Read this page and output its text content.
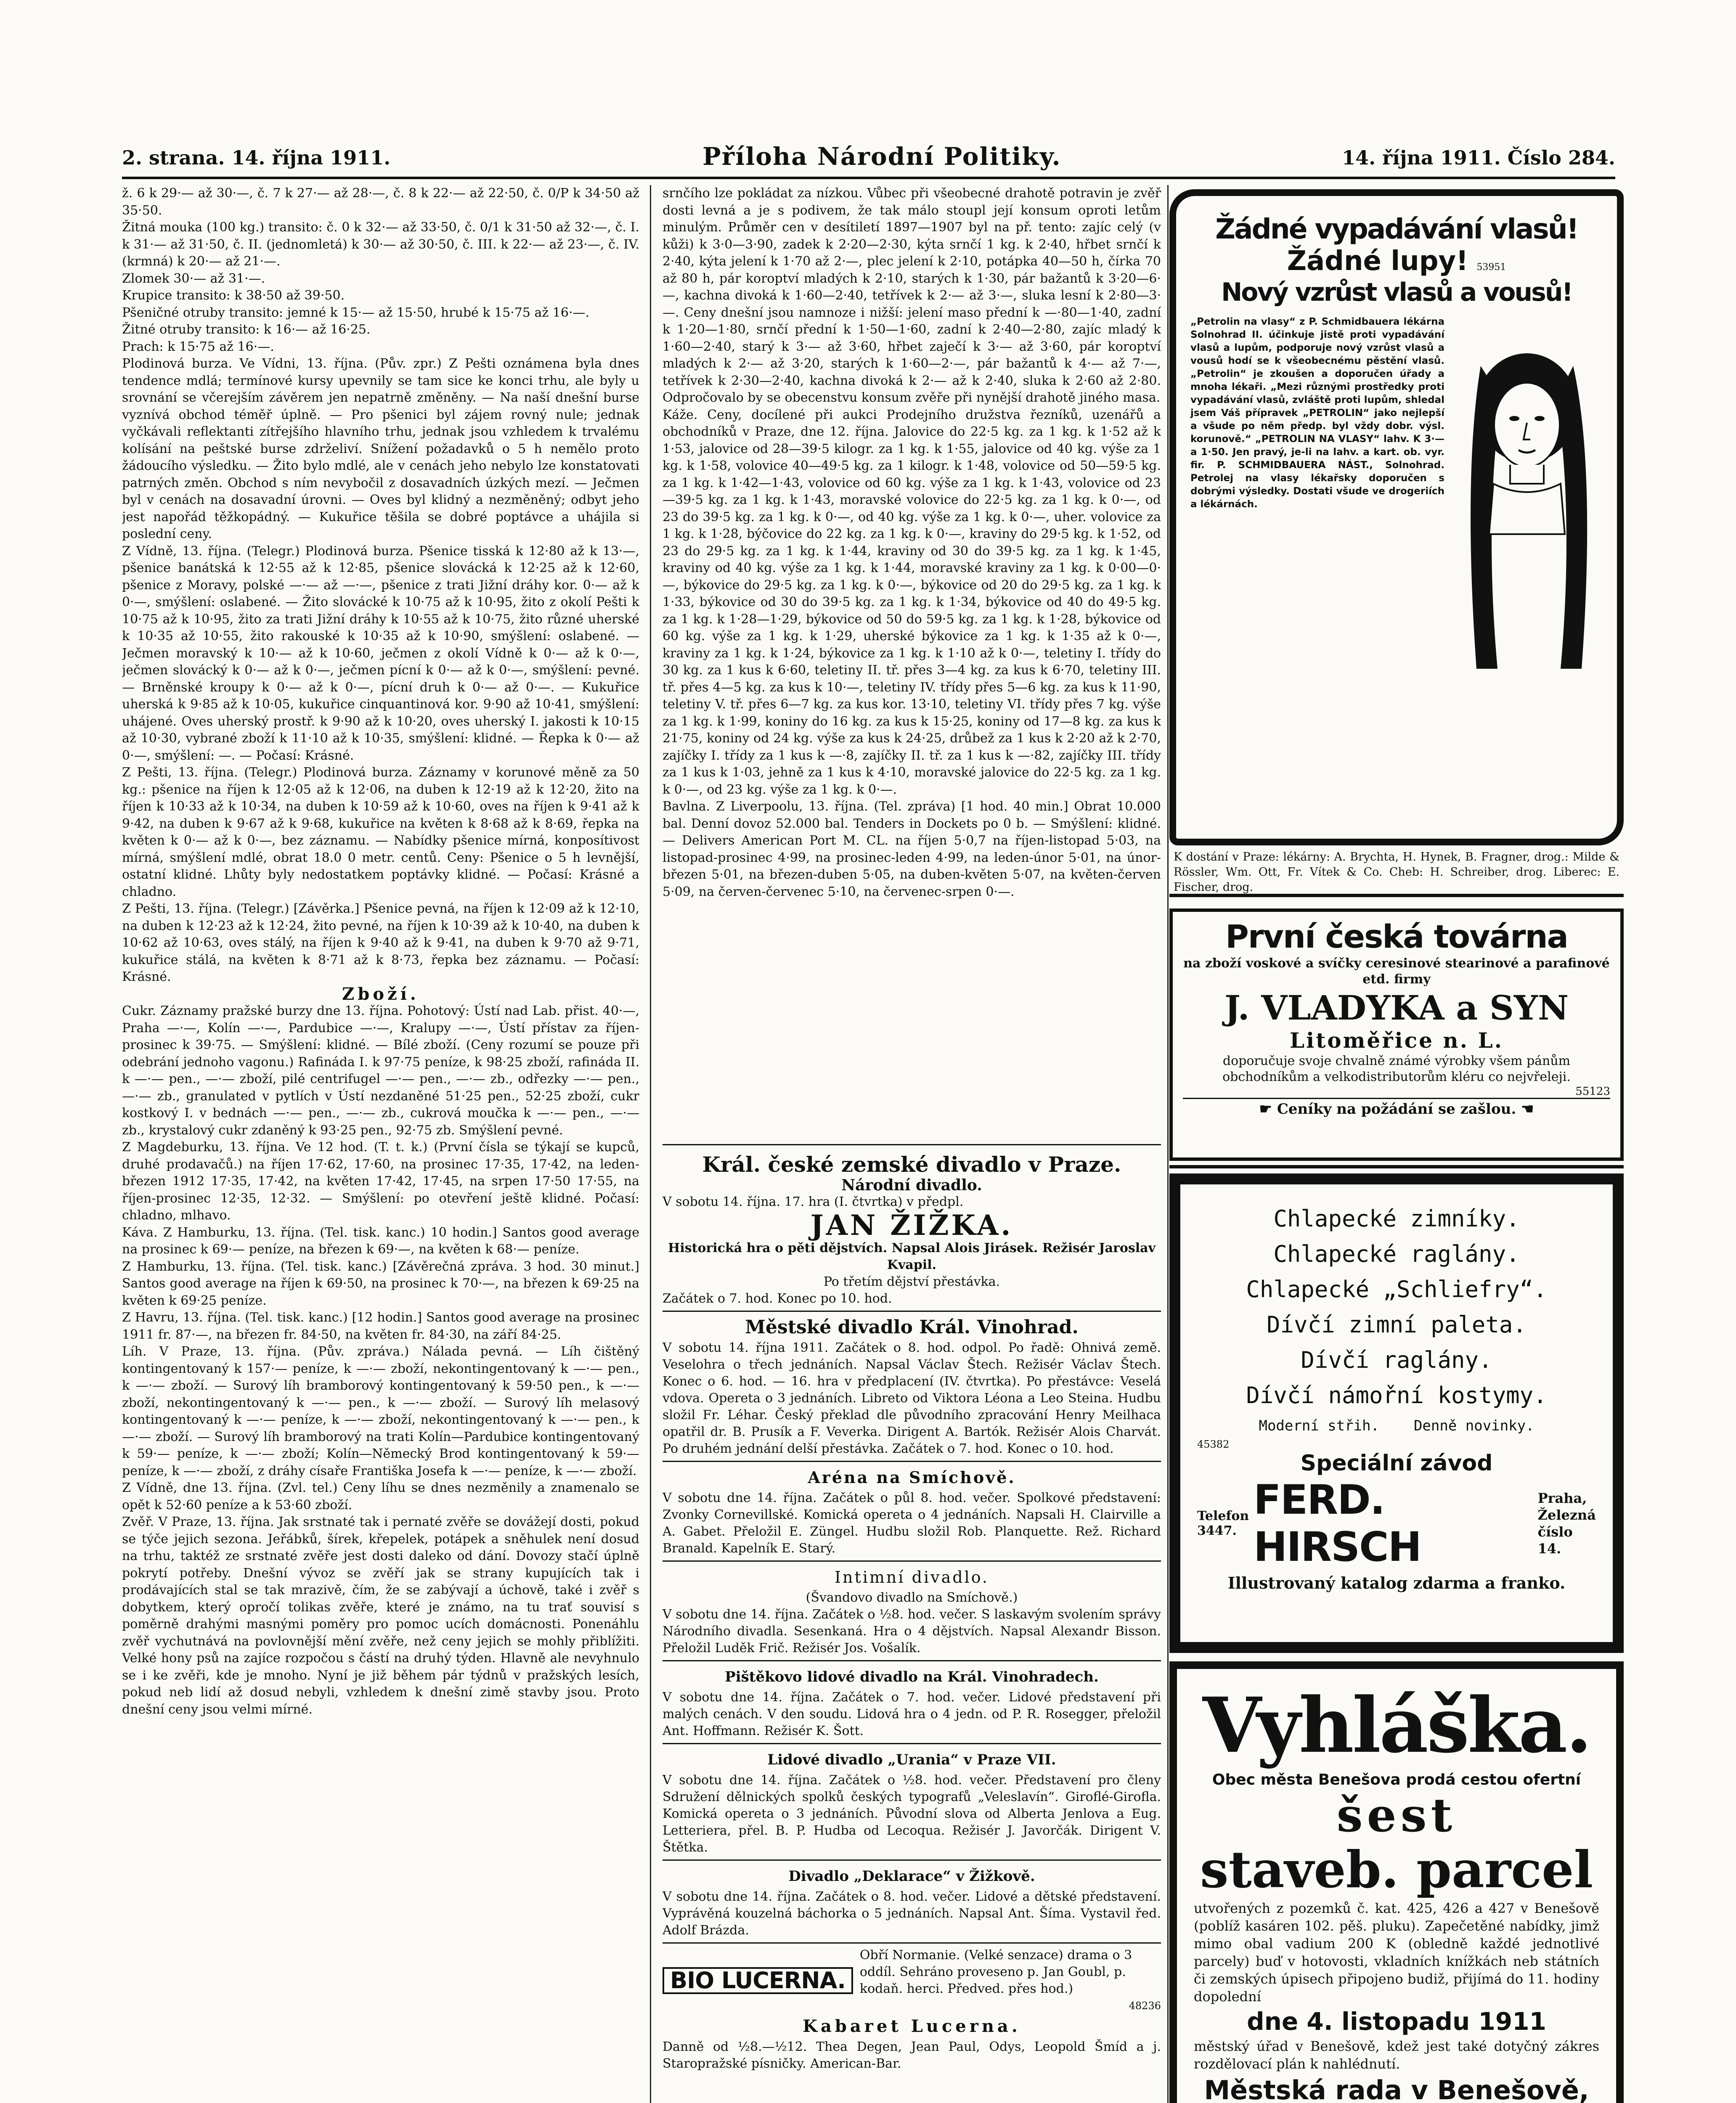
2. strana. 14. října 1911.	Příloha Národní Politiky.	14. října 1911. Číslo 284.

ž. 6 k 29·— až 30·—, č. 7 k 27·— až 28·—, č. 8 k 22·— až 22·50, č. 0/P k 34·50 až 35·50.

Žitná mouka (100 kg.) transito: č. 0 k 32·— až 33·50, č. 0/1 k 31·50 až 32·—, č. I. k 31·— až 31·50, č. II. (jednomletá) k 30·— až 30·50, č. III. k 22·— až 23·—, č. IV. (krmná) k 20·— až 21·—.

Zlomek 30·— až 31·—.

Krupice transito: k 38·50 až 39·50.

Pšeničné otruby transito: jemné k 15·— až 15·50, hrubé k 15·75 až 16·—.

Žitné otruby transito: k 16·— až 16·25.

Prach: k 15·75 až 16·—.

Plodinová burza. Ve Vídni, 13. října. (Pův. zpr.) Z Pešti oznámena byla dnes tendence mdlá; termínové kursy upevnily se tam sice ke konci trhu, ale byly u srovnání se včerejším závěrem jen nepatrně změněny. — Na naší dnešní burse vyznívá obchod téměř úplně. — Pro pšenici byl zájem rovný nule; jednak vyčkávali reflektanti zítřejšího hlavního trhu, jednak jsou vzhledem k trvalému kolísání na peštské burse zdrželiví. Snížení požadavků o 5 h nemělo proto žádoucího výsledku. — Žito bylo mdlé, ale v cenách jeho nebylo lze konstatovati patrných změn. Obchod s ním nevybočil z dosavadních úzkých mezí. — Ječmen byl v cenách na dosavadní úrovni. — Oves byl klidný a nezměněný; odbyt jeho jest napořád těžkopádný. — Kukuřice těšila se dobré poptávce a uhájila si poslední ceny.

Z Vídně, 13. října. (Telegr.) Plodinová burza. Pšenice tisská k 12·80 až k 13·—, pšenice banátská k 12·55 až k 12·85, pšenice slovácká k 12·25 až k 12·60, pšenice z Moravy, polské —·— až —·—, pšenice z trati Jižní dráhy kor. 0·— až k 0·—, smýšlení: oslabené. — Žito slovácké k 10·75 až k 10·95, žito z okolí Pešti k 10·75 až k 10·95, žito za trati Jižní dráhy k 10·55 až k 10·75, žito různé uherské k 10·35 až 10·55, žito rakouské k 10·35 až k 10·90, smýšlení: oslabené. — Ječmen moravský k 10·— až k 10·60, ječmen z okolí Vídně k 0·— až k 0·—, ječmen slovácký k 0·— až k 0·—, ječmen pícní k 0·— až k 0·—, smýšlení: pevné. — Brněnské kroupy k 0·— až k 0·—, pícní druh k 0·— až 0·—. — Kukuřice uherská k 9·85 až k 10·05, kukuřice cinquantinová kor. 9·90 až 10·41, smýšlení: uhájené. Oves uherský prostř. k 9·90 až k 10·20, oves uherský I. jakosti k 10·15 až 10·30, vybrané zboží k 11·10 až k 10·35, smýšlení: klidné. — Řepka k 0·— až 0·—, smýšlení: —. — Počasí: Krásné.

Z Pešti, 13. října. (Telegr.) Plodinová burza. Záznamy v korunové měně za 50 kg.: pšenice na říjen k 12·05 až k 12·06, na duben k 12·19 až k 12·20, žito na říjen k 10·33 až k 10·34, na duben k 10·59 až k 10·60, oves na říjen k 9·41 až k 9·42, na duben k 9·67 až k 9·68, kukuřice na květen k 8·68 až k 8·69, řepka na květen k 0·— až k 0·—, bez záznamu. — Nabídky pšenice mírná, konposítivost mírná, smýšlení mdlé, obrat 18.0 0 metr. centů. Ceny: Pšenice o 5 h levnější, ostatní klidné. Lhůty byly nedostatkem poptávky klidné. — Počasí: Krásné a chladno.

Z Pešti, 13. října. (Telegr.) [Závěrka.] Pšenice pevná, na říjen k 12·09 až k 12·10, na duben k 12·23 až k 12·24, žito pevné, na říjen k 10·39 až k 10·40, na duben k 10·62 až 10·63, oves stálý, na říjen k 9·40 až k 9·41, na duben k 9·70 až 9·71, kukuřice stálá, na květen k 8·71 až k 8·73, řepka bez záznamu. — Počasí: Krásné.

Zboží.

Cukr. Záznamy pražské burzy dne 13. října. Pohotový: Ústí nad Lab. přist. 40·—, Praha —·—, Kolín —·—, Pardubice —·—, Kralupy —·—, Ústí přístav za říjen-prosinec k 39·75. — Smýšlení: klidné. — Bílé zboží. (Ceny rozumí se pouze při odebrání jednoho vagonu.) Rafináda I. k 97·75 peníze, k 98·25 zboží, rafináda II. k —·— pen., —·— zboží, pilé centrifugel —·— pen., —·— zb., odřezky —·— pen., —·— zb., granulated v pytlích v Ústí nezdaněné 51·25 pen., 52·25 zboží, cukr kostkový I. v bednách —·— pen., —·— zb., cukrová moučka k —·— pen., —·— zb., krystalový cukr zdaněný k 93·25 pen., 92·75 zb. Smýšlení pevné.

Z Magdeburku, 13. října. Ve 12 hod. (T. t. k.) (První čísla se týkají se kupců, druhé prodavačů.) na říjen 17·62, 17·60, na prosinec 17·35, 17·42, na leden-březen 1912 17·35, 17·42, na květen 17·42, 17·45, na srpen 17·50 17·55, na říjen-prosinec 12·35, 12·32. — Smýšlení: po otevření ještě klidné. Počasí: chladno, mlhavo.

Káva. Z Hamburku, 13. října. (Tel. tisk. kanc.) 10 hodin.] Santos good average na prosinec k 69·— peníze, na březen k 69·—, na květen k 68·— peníze.

Z Hamburku, 13. října. (Tel. tisk. kanc.) [Závěrečná zpráva. 3 hod. 30 minut.] Santos good average na říjen k 69·50, na prosinec k 70·—, na březen k 69·25 na květen k 69·25 peníze.

Z Havru, 13. října. (Tel. tisk. kanc.) [12 hodin.] Santos good average na prosinec 1911 fr. 87·—, na březen fr. 84·50, na květen fr. 84·30, na září 84·25.

Líh. V Praze, 13. října. (Pův. zpráva.) Nálada pevná. — Líh čištěný kontingentovaný k 157·— peníze, k —·— zboží, nekontingentovaný k —·— pen., k —·— zboží. — Surový líh bramborový kontingentovaný k 59·50 pen., k —·— zboží, nekontingentovaný k —·— pen., k —·— zboží. — Surový líh melasový kontingentovaný k —·— peníze, k —·— zboží, nekontingentovaný k —·— pen., k —·— zboží. — Surový líh bramborový na trati Kolín—Pardubice kontingentovaný k 59·— peníze, k —·— zboží; Kolín—Německý Brod kontingentovaný k 59·— peníze, k —·— zboží, z dráhy císaře Františka Josefa k —·— peníze, k —·— zboží.

Z Vídně, dne 13. října. (Zvl. tel.) Ceny líhu se dnes nezměnily a znamenalo se opět k 52·60 peníze a k 53·60 zboží.

Zvěř. V Praze, 13. října. Jak srstnaté tak i pernaté zvěře se dovážejí dosti, pokud se týče jejich sezona. Jeřábků, šírek, křepelek, potápek a sněhulek není dosud na trhu, taktéž ze srstnaté zvěře jest dosti daleko od dání. Dovozy stačí úplně pokrytí potřeby. Dnešní vývoz se zvěří jak se strany kupujících tak i prodávajících stal se tak mrazivě, čím, že se zabývají a úchově, také i zvěř s dobytkem, který opročí tolikas zvěře, které je známo, na tu trať souvisí s poměrně drahými masnými poměry pro pomoc ucích domácnosti. Ponenáhlu zvěř vychutnává na povlovnější mění zvěře, než ceny jejich se mohly přiblížiti. Velké hony psů na zajíce rozpočou s částí na druhý týden. Hlavně ale nevyhnulo se i ke zvěři, kde je mnoho. Nyní je již během pár týdnů v pražských lesích, pokud neb lidí až dosud nebyli, vzhledem k dnešní zimě stavby jsou. Proto dnešní ceny jsou velmi mírné.

srnčího lze pokládat za nízkou. Vůbec při všeobecné drahotě potravin je zvěř dosti levná a je s podivem, že tak málo stoupl její konsum oproti letům minulým. Průměr cen v desítiletí 1897—1907 byl na př. tento: zajíc celý (v kůži) k 3·0—3·90, zadek k 2·20—2·30, kýta srnčí 1 kg. k 2·40, hřbet srnčí k 2·40, kýta jelení k 1·70 až 2·—, plec jelení k 2·10, potápka 40—50 h, čírka 70 až 80 h, pár koroptví mladých k 2·10, starých k 1·30, pár bažantů k 3·20—6·—, kachna divoká k 1·60—2·40, tetřívek k 2·— až 3·—, sluka lesní k 2·80—3·—. Ceny dnešní jsou namnoze i nižší: jelení maso přední k —·80—1·40, zadní k 1·20—1·80, srnčí přední k 1·50—1·60, zadní k 2·40—2·80, zajíc mladý k 1·60—2·40, starý k 3·— až 3·60, hřbet zaječí k 3·— až 3·60, pár koroptví mladých k 2·— až 3·20, starých k 1·60—2·—, pár bažantů k 4·— až 7·—, tetřívek k 2·30—2·40, kachna divoká k 2·— až k 2·40, sluka k 2·60 až 2·80. Odpročovalo by se obecenstvu konsum zvěře při nynější drahotě jiného masa.

Káže. Ceny, docílené při aukci Prodejního družstva řezníků, uzenářů a obchodníků v Praze, dne 12. října. Jalovice do 22·5 kg. za 1 kg. k 1·52 až k 1·53, jalovice od 28—39·5 kilogr. za 1 kg. k 1·55, jalovice od 40 kg. výše za 1 kg. k 1·58, volovice 40—49·5 kg. za 1 kilogr. k 1·48, volovice od 50—59·5 kg. za 1 kg. k 1·42—1·43, volovice od 60 kg. výše za 1 kg. k 1·43, volovice od 23—39·5 kg. za 1 kg. k 1·43, moravské volovice do 22·5 kg. za 1 kg. k 0·—, od 23 do 39·5 kg. za 1 kg. k 0·—, od 40 kg. výše za 1 kg. k 0·—, uher. volovice za 1 kg. k 1·28, býčovice do 22 kg. za 1 kg. k 0·—, kraviny do 29·5 kg. k 1·52, od 23 do 29·5 kg. za 1 kg. k 1·44, kraviny od 30 do 39·5 kg. za 1 kg. k 1·45, kraviny od 40 kg. výše za 1 kg. k 1·44, moravské kraviny za 1 kg. k 0·00—0·—, býkovice do 29·5 kg. za 1 kg. k 0·—, býkovice od 20 do 29·5 kg. za 1 kg. k 1·33, býkovice od 30 do 39·5 kg. za 1 kg. k 1·34, býkovice od 40 do 49·5 kg. za 1 kg. k 1·28—1·29, býkovice od 50 do 59·5 kg. za 1 kg. k 1·28, býkovice od 60 kg. výše za 1 kg. k 1·29, uherské býkovice za 1 kg. k 1·35 až k 0·—, kraviny za 1 kg. k 1·24, býkovice za 1 kg. k 1·10 až k 0·—, teletiny I. třídy do 30 kg. za 1 kus k 6·60, teletiny II. tř. přes 3—4 kg. za kus k 6·70, teletiny III. tř. přes 4—5 kg. za kus k 10·—, teletiny IV. třídy přes 5—6 kg. za kus k 11·90, teletiny V. tř. přes 6—7 kg. za kus kor. 13·10, teletiny VI. třídy přes 7 kg. výše za 1 kg. k 1·99, koniny do 16 kg. za kus k 15·25, koniny od 17—8 kg. za kus k 21·75, koniny od 24 kg. výše za kus k 24·25, drůbež za 1 kus k 2·20 až k 2·70, zajíčky I. třídy za 1 kus k —·8, zajíčky II. tř. za 1 kus k —·82, zajíčky III. třídy za 1 kus k 1·03, jehně za 1 kus k 4·10, moravské jalovice do 22·5 kg. za 1 kg. k 0·—, od 23 kg. výše za 1 kg. k 0·—.

Bavlna. Z Liverpoolu, 13. října. (Tel. zpráva) [1 hod. 40 min.] Obrat 10.000 bal. Denní dovoz 52.000 bal. Tenders in Dockets po 0 b. — Smýšlení: klidné. — Delivers American Port M. CL. na říjen 5·0,7 na říjen-listopad 5·03, na listopad-prosinec 4·99, na prosinec-leden 4·99, na leden-únor 5·01, na únor-březen 5·01, na březen-duben 5·05, na duben-květen 5·07, na květen-červen 5·09, na červen-červenec 5·10, na červenec-srpen 0·—.

Král. české zemské divadlo v Praze.
Národní divadlo.
V sobotu 14. října. 17. hra (I. čtvrtka) v předpl.
JAN ŽIŽKA.
Historická hra o pěti dějstvích. Napsal Alois Jirásek. Režisér Jaroslav Kvapil.
Po třetím dějství přestávka.
Začátek o 7. hod. Konec po 10. hod.
Městské divadlo Král. Vinohrad.
V sobotu 14. října 1911. Začátek o 8. hod. odpol. Po řadě: Ohnivá země. Veselohra o třech jednáních. Napsal Václav Štech. Režisér Václav Štech. Konec o 6. hod. — 16. hra v předplacení (IV. čtvrtka). Po přestávce: Veselá vdova. Opereta o 3 jednáních. Libreto od Viktora Léona a Leo Steina. Hudbu složil Fr. Léhar. Český překlad dle původního zpracování Henry Meilhaca opatřil dr. B. Prusík a F. Veverka. Dirigent A. Bartók. Režisér Alois Charvát. Po druhém jednání delší přestávka. Začátek o 7. hod. Konec o 10. hod.
Aréna na Smíchově.
V sobotu dne 14. října. Začátek o půl 8. hod. večer. Spolkové představení: Zvonky Cornevillské. Komická opereta o 4 jednáních. Napsali H. Clairville a A. Gabet. Přeložil E. Züngel. Hudbu složil Rob. Planquette. Rež. Richard Branald. Kapelník E. Starý.
Intimní divadlo.
(Švandovo divadlo na Smíchově.)
V sobotu dne 14. října. Začátek o ½8. hod. večer. S laskavým svolením správy Národního divadla. Sesenkaná. Hra o 4 dějstvích. Napsal Alexandr Bisson. Přeložil Luděk Frič. Režisér Jos. Vošalík.
Pištěkovo lidové divadlo na Král. Vinohradech.
V sobotu dne 14. října. Začátek o 7. hod. večer. Lidové představení při malých cenách. V den soudu. Lidová hra o 4 jedn. od P. R. Rosegger, přeložil Ant. Hoffmann. Režisér K. Šott.
Lidové divadlo „Urania“ v Praze VII.
V sobotu dne 14. října. Začátek o ½8. hod. večer. Představení pro členy Sdružení dělnických spolků českých typografů „Veleslavín“. Giroflé-Girofla. Komická opereta o 3 jednáních. Původní slova od Alberta Jenlova a Eug. Letteriera, přel. B. P. Hudba od Lecoqua. Režisér J. Javorčák. Dirigent V. Štětka.
Divadlo „Deklarace“ v Žižkově.
V sobotu dne 14. října. Začátek o 8. hod. večer. Lidové a dětské představení. Vyprávěná kouzelná báchorka o 5 jednáních. Napsal Ant. Šíma. Vystavil řed. Adolf Brázda.
BIO LUCERNA.
Obří Normanie. (Velké senzace) drama o 3 oddíl. Sehráno proveseno p. Jan Goubl, p. kodaň. herci. Předved. přes hod.)
48236
Kabaret Lucerna.
Danně od ½8.—½12. Thea Degen, Jean Paul, Odys, Leopold Šmíd a j. Staropražské písničky. American-Bar.
Žádné vypadávání vlasů!
Žádné lupy! 53951
Nový vzrůst vlasů a vousů!
„Petrolin na vlasy“ z P. Schmidbauera lékárna Solnohrad II. účinkuje jistě proti vypadávání vlasů a lupům, podporuje nový vzrůst vlasů a vousů hodí se k všeobecnému pěstění vlasů. „Petrolin“ je zkoušen a doporučen úřady a mnoha lékaři. „Mezi různými prostředky proti vypadávání vlasů, zvláště proti lupům, shledal jsem Váš přípravek „PETROLIN“ jako nejlepší a všude po něm předp. byl vždy dobr. výsl. korunově.“ „PETROLIN NA VLASY“ lahv. K 3·— a 1·50. Jen pravý, je-li na lahv. a kart. ob. vyr. fir. P. SCHMIDBAUERA NÁST., Solnohrad. Petrolej na vlasy lékařsky doporučen s dobrými výsledky. Dostati všude ve drogeriích a lékárnách.
K dostání v Praze: lékárny: A. Brychta, H. Hynek, B. Fragner, drog.: Milde & Rössler, Wm. Ott, Fr. Vítek & Co. Cheb: H. Schreiber, drog. Liberec: E. Fischer, drog.
První česká továrna
na zboží voskové a svíčky ceresinové stearinové a parafinové etd. firmy
J. VLADYKA a SYN
Litoměřice n. L.
doporučuje svoje chvalně známé výrobky všem pánům obchodníkům a velkodistributorům kléru co nejvřeleji.
55123
☛ Ceníky na požádání se zašlou. ☚
Chlapecké zimníky.
Chlapecké raglány.
Chlapecké „Schliefry“.
Dívčí zimní paleta.
Dívčí raglány.
Dívčí námořní kostymy.
Moderní střih.    Denně novinky.
45382
Speciální závod
Telefon 3447.
FERD. HIRSCH
Praha, Železná číslo 14.
Illustrovaný katalog zdarma a franko.
Vyhláška.
Obec města Benešova prodá cestou ofertní
šest
staveb. parcel
utvořených z pozemků č. kat. 425, 426 a 427 v Benešově (poblíž kasáren 102. pěš. pluku). Zapečetěné nabídky, jimž mimo obal vadium 200 K (obledně každé jednotlivé parcely) buď v hotovosti, vkladních knížkách neb státních či zemských úpisech připojeno budiž, přijímá do 11. hodiny dopolední
dne 4. listopadu 1911
městský úřad v Benešově, kdež jest také dotyčný zákres rozdělovací plán k nahlédnutí.
Městská rada v Benešově,
